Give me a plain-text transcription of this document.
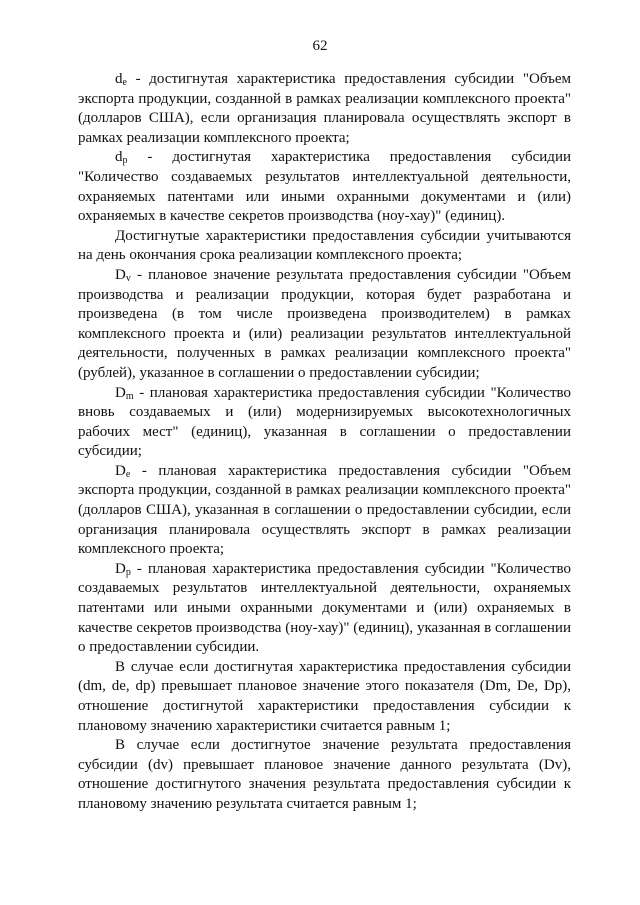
62

$d_e$ - достигнутая характеристика предоставления субсидии "Объем экспорта продукции, созданной в рамках реализации комплексного проекта" (долларов США), если организация планировала осуществлять экспорт в рамках реализации комплексного проекта;

$d_p$ - достигнутая характеристика предоставления субсидии "Количество создаваемых результатов интеллектуальной деятельности, охраняемых патентами или иными охранными документами и (или) охраняемых в качестве секретов производства (ноу-хау)" (единиц).

Достигнутые характеристики предоставления субсидии учитываются на день окончания срока реализации комплексного проекта;

$D_v$ - плановое значение результата предоставления субсидии "Объем производства и реализации продукции, которая будет разработана и произведена (в том числе произведена производителем) в рамках комплексного проекта и (или) реализации результатов интеллектуальной деятельности, полученных в рамках реализации комплексного проекта" (рублей), указанное в соглашении о предоставлении субсидии;

$D_m$ - плановая характеристика предоставления субсидии "Количество вновь создаваемых и (или) модернизируемых высокотехнологичных рабочих мест" (единиц), указанная в соглашении о предоставлении субсидии;

$D_e$ - плановая характеристика предоставления субсидии "Объем экспорта продукции, созданной в рамках реализации комплексного проекта" (долларов США), указанная в соглашении о предоставлении субсидии, если организация планировала осуществлять экспорт в рамках реализации комплексного проекта;

$D_p$ - плановая характеристика предоставления субсидии "Количество создаваемых результатов интеллектуальной деятельности, охраняемых патентами или иными охранными документами и (или) охраняемых в качестве секретов производства (ноу-хау)" (единиц), указанная в соглашении о предоставлении субсидии.

В случае если достигнутая характеристика предоставления субсидии (dm, de, dp) превышает плановое значение этого показателя (Dm, De, Dp), отношение достигнутой характеристики предоставления субсидии к плановому значению характеристики считается равным 1;

В случае если достигнутое значение результата предоставления субсидии (dv) превышает плановое значение данного результата (Dv), отношение достигнутого значения результата предоставления субсидии к плановому значению результата считается равным 1;
